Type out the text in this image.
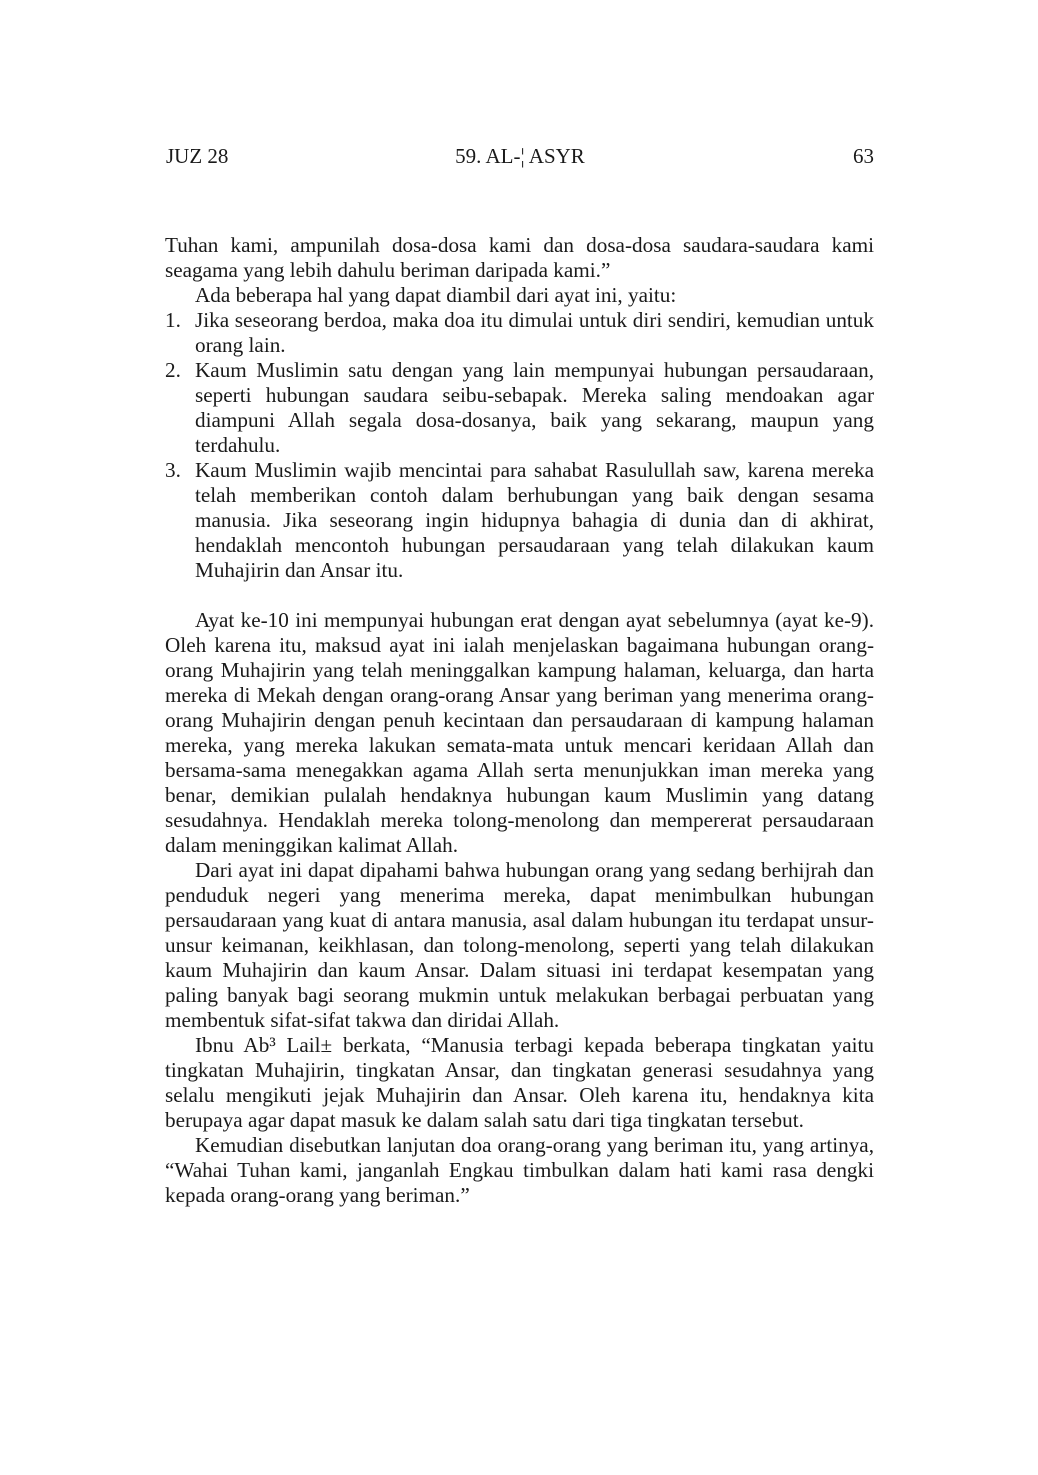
JUZ 28	59. AL-¦ ASYR	63

Tuhan kami, ampunilah dosa-dosa kami dan dosa-dosa saudara-saudara kami seagama yang lebih dahulu beriman daripada kami.”

Ada beberapa hal yang dapat diambil dari ayat ini, yaitu:

1. Jika seseorang berdoa, maka doa itu dimulai untuk diri sendiri, kemudian untuk orang lain.
2. Kaum Muslimin satu dengan yang lain mempunyai hubungan persaudaraan, seperti hubungan saudara seibu-sebapak. Mereka saling mendoakan agar diampuni Allah segala dosa-dosanya, baik yang sekarang, maupun yang terdahulu.
3. Kaum Muslimin wajib mencintai para sahabat Rasulullah saw, karena mereka telah memberikan contoh dalam berhubungan yang baik dengan sesama manusia. Jika seseorang ingin hidupnya bahagia di dunia dan di akhirat, hendaklah mencontoh hubungan persaudaraan yang telah dilakukan kaum Muhajirin dan Ansar itu.

Ayat ke-10 ini mempunyai hubungan erat dengan ayat sebelumnya (ayat ke-9). Oleh karena itu, maksud ayat ini ialah menjelaskan bagaimana hubungan orang-orang Muhajirin yang telah meninggalkan kampung halaman, keluarga, dan harta mereka di Mekah dengan orang-orang Ansar yang beriman yang menerima orang-orang Muhajirin dengan penuh kecintaan dan persaudaraan di kampung halaman mereka, yang mereka lakukan semata-mata untuk mencari keridaan Allah dan bersama-sama menegakkan agama Allah serta menunjukkan iman mereka yang benar, demikian pulalah hendaknya hubungan kaum Muslimin yang datang sesudahnya. Hendaklah mereka tolong-menolong dan mempererat persaudaraan dalam meninggikan kalimat Allah.

Dari ayat ini dapat dipahami bahwa hubungan orang yang sedang berhijrah dan penduduk negeri yang menerima mereka, dapat menimbulkan hubungan persaudaraan yang kuat di antara manusia, asal dalam hubungan itu terdapat unsur-unsur keimanan, keikhlasan, dan tolong-menolong, seperti yang telah dilakukan kaum Muhajirin dan kaum Ansar. Dalam situasi ini terdapat kesempatan yang paling banyak bagi seorang mukmin untuk melakukan berbagai perbuatan yang membentuk sifat-sifat takwa dan diridai Allah.

Ibnu Ab³ Lail± berkata, “Manusia terbagi kepada beberapa tingkatan yaitu tingkatan Muhajirin, tingkatan Ansar, dan tingkatan generasi sesudahnya yang selalu mengikuti jejak Muhajirin dan Ansar. Oleh karena itu, hendaknya kita berupaya agar dapat masuk ke dalam salah satu dari tiga tingkatan tersebut.

Kemudian disebutkan lanjutan doa orang-orang yang beriman itu, yang artinya, “Wahai Tuhan kami, janganlah Engkau timbulkan dalam hati kami rasa dengki kepada orang-orang yang beriman.”
